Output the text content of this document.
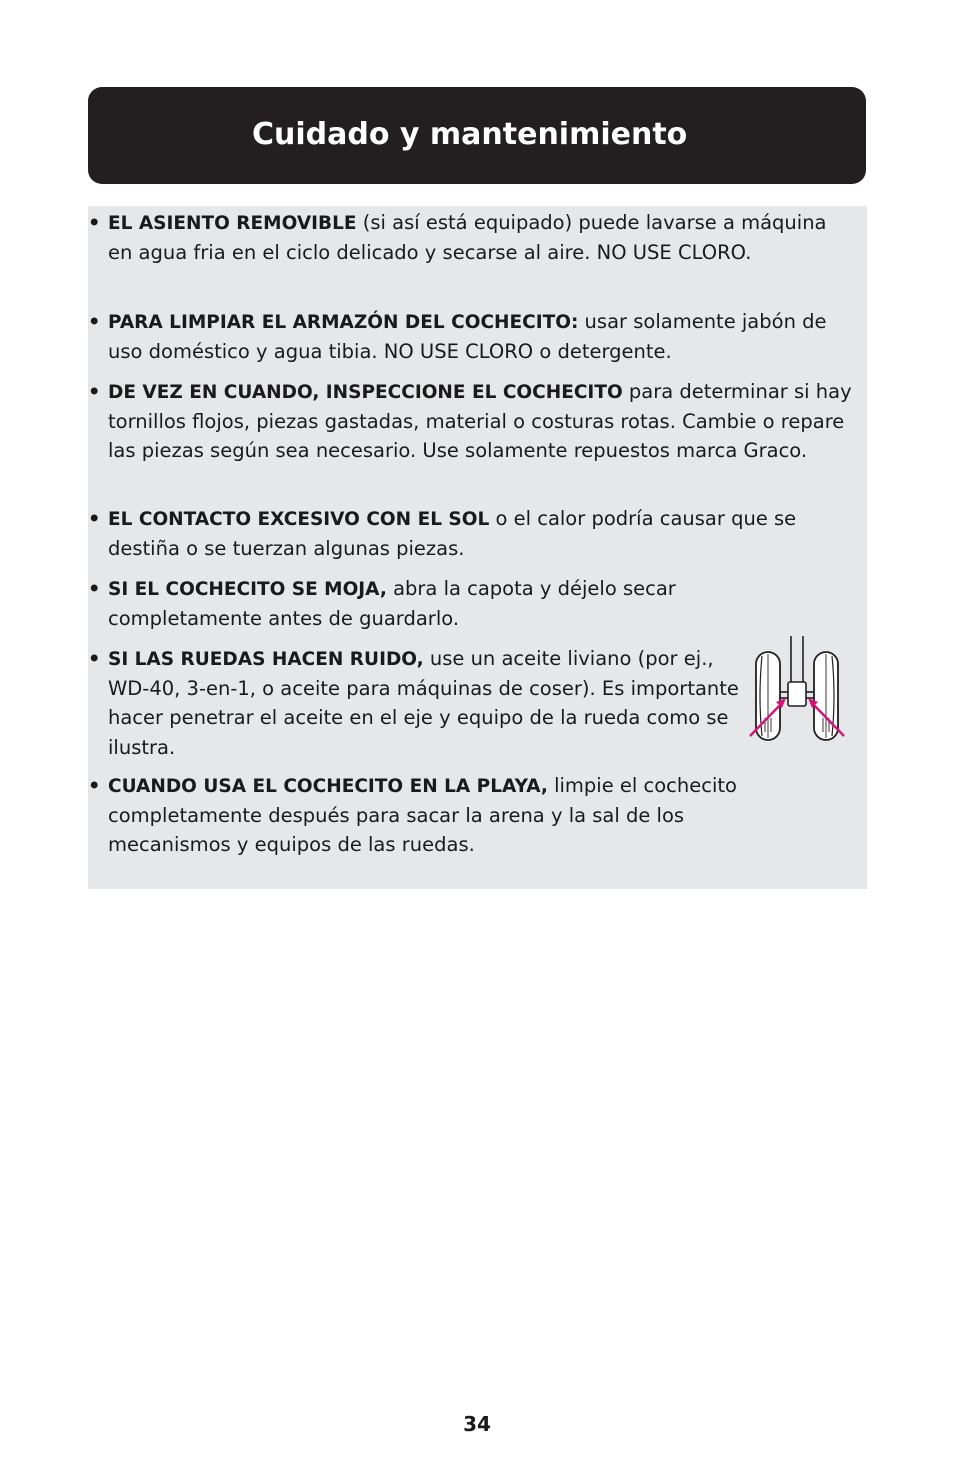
Cuidado y mantenimiento
• EL ASIENTO REMOVIBLE (si así está equipado) puede lavarse a máquina en agua fria en el ciclo delicado y secarse al aire. NO USE CLORO.
• PARA LIMPIAR EL ARMAZÓN DEL COCHECITO: usar solamente jabón de uso doméstico y agua tibia. NO USE CLORO o detergente.
• DE VEZ EN CUANDO, INSPECCIONE EL COCHECITO para determinar si hay tornillos flojos, piezas gastadas, material o costuras rotas. Cambie o repare las piezas según sea necesario. Use solamente repuestos marca Graco.
• EL CONTACTO EXCESIVO CON EL SOL o el calor podría causar que se destiña o se tuerzan algunas piezas.
• SI EL COCHECITO SE MOJA, abra la capota y déjelo secar completamente antes de guardarlo.
• SI LAS RUEDAS HACEN RUIDO, use un aceite liviano (por ej., WD-40, 3-en-1, o aceite para máquinas de coser). Es importante hacer penetrar el aceite en el eje y equipo de la rueda como se ilustra.
• CUANDO USA EL COCHECITO EN LA PLAYA, limpie el cochecito completamente después para sacar la arena y la sal de los mecanismos y equipos de las ruedas.
34
